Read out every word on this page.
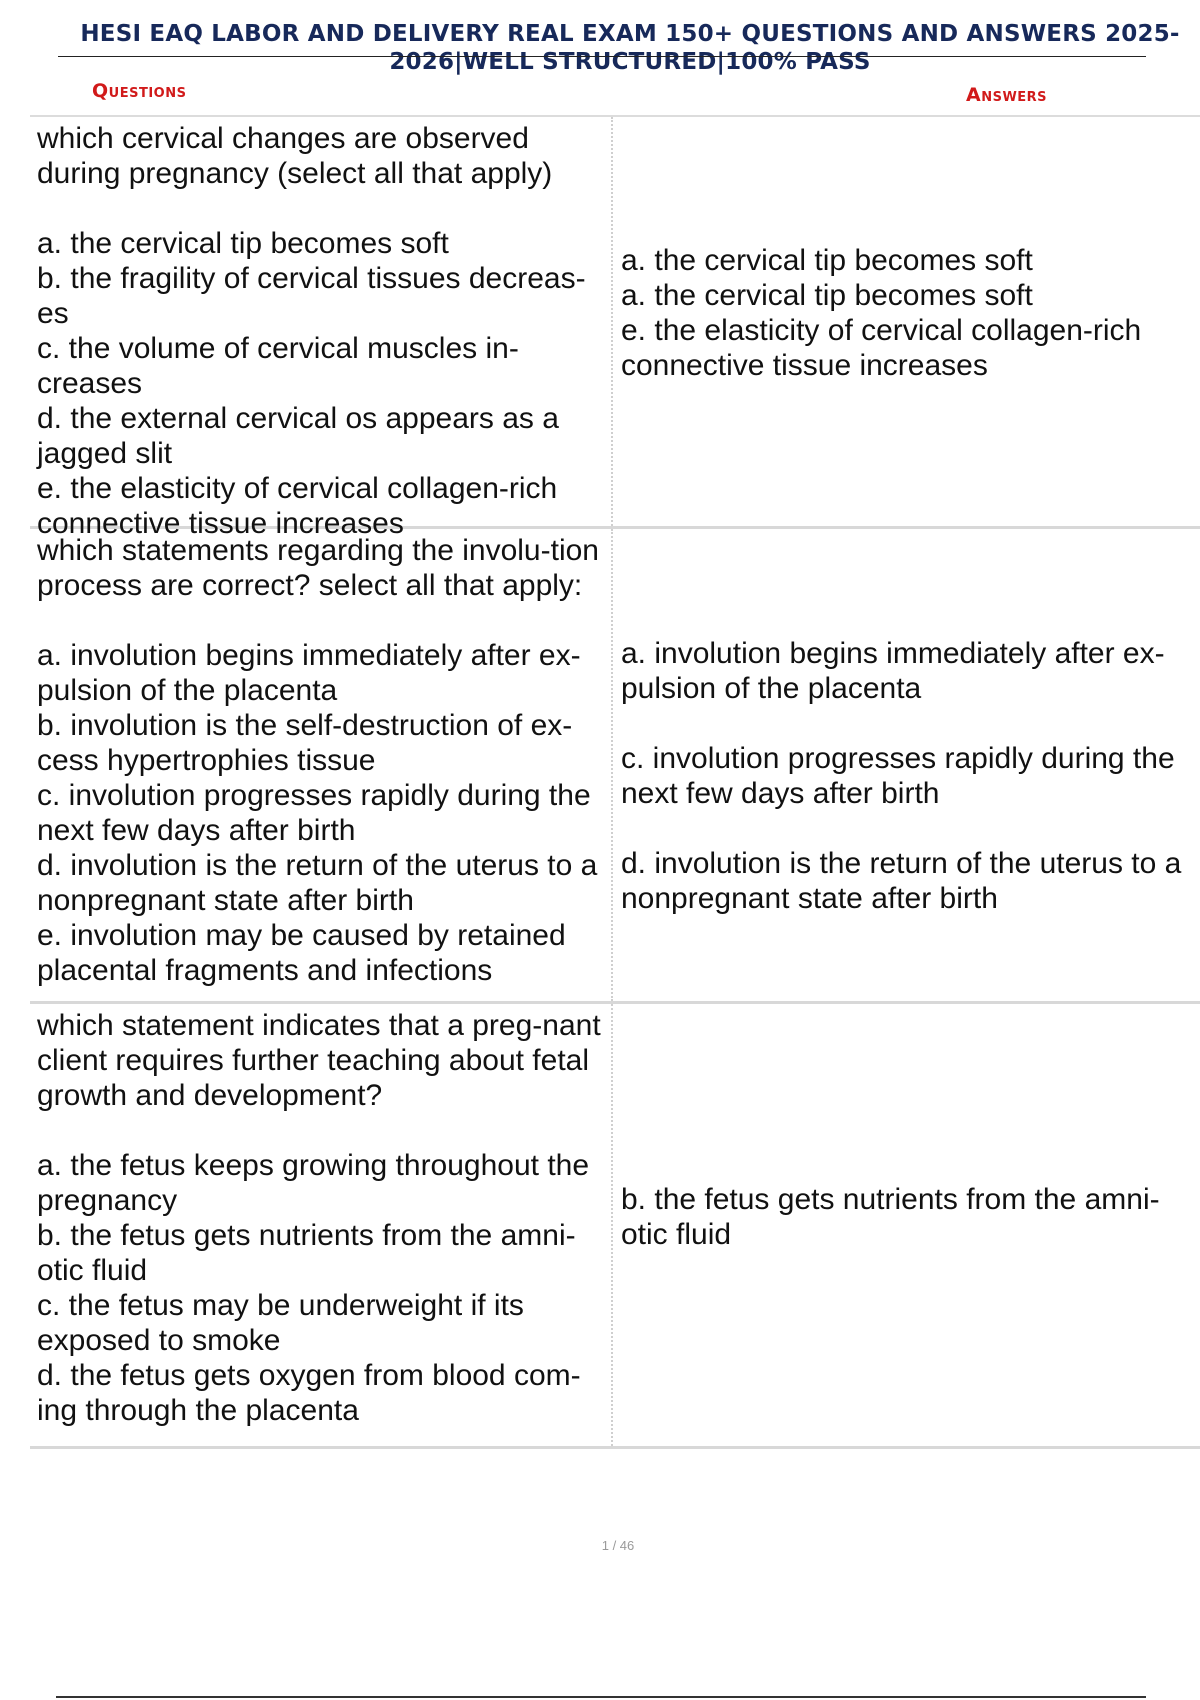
HESI EAQ LABOR AND DELIVERY REAL EXAM 150+ QUESTIONS AND ANSWERS 2025-2026|WELL STRUCTURED|100% PASS
Questions	Answers
which cervical changes are observed during pregnancy (select all that apply)

a. the cervical tip becomes soft
b. the fragility of cervical tissues decreas-es
c. the volume of cervical muscles in-creases
d. the external cervical os appears as a jagged slit
e. the elasticity of cervical collagen-rich connective tissue increases
a. the cervical tip becomes soft
a. the cervical tip becomes soft
e. the elasticity of cervical collagen-rich connective tissue increases
which statements regarding the involu-tion process are correct? select all that apply:

a. involution begins immediately after ex-pulsion of the placenta
b. involution is the self-destruction of ex-cess hypertrophies tissue
c. involution progresses rapidly during the next few days after birth
d. involution is the return of the uterus to a nonpregnant state after birth
e. involution may be caused by retained placental fragments and infections
a. involution begins immediately after ex-pulsion of the placenta

c. involution progresses rapidly during the next few days after birth

d. involution is the return of the uterus to a nonpregnant state after birth
which statement indicates that a preg-nant client requires further teaching about fetal growth and development?

a. the fetus keeps growing throughout the pregnancy
b. the fetus gets nutrients from the amni-otic fluid
c. the fetus may be underweight if its exposed to smoke
d. the fetus gets oxygen from blood com-ing through the placenta
b. the fetus gets nutrients from the amni-otic fluid
1 / 46
